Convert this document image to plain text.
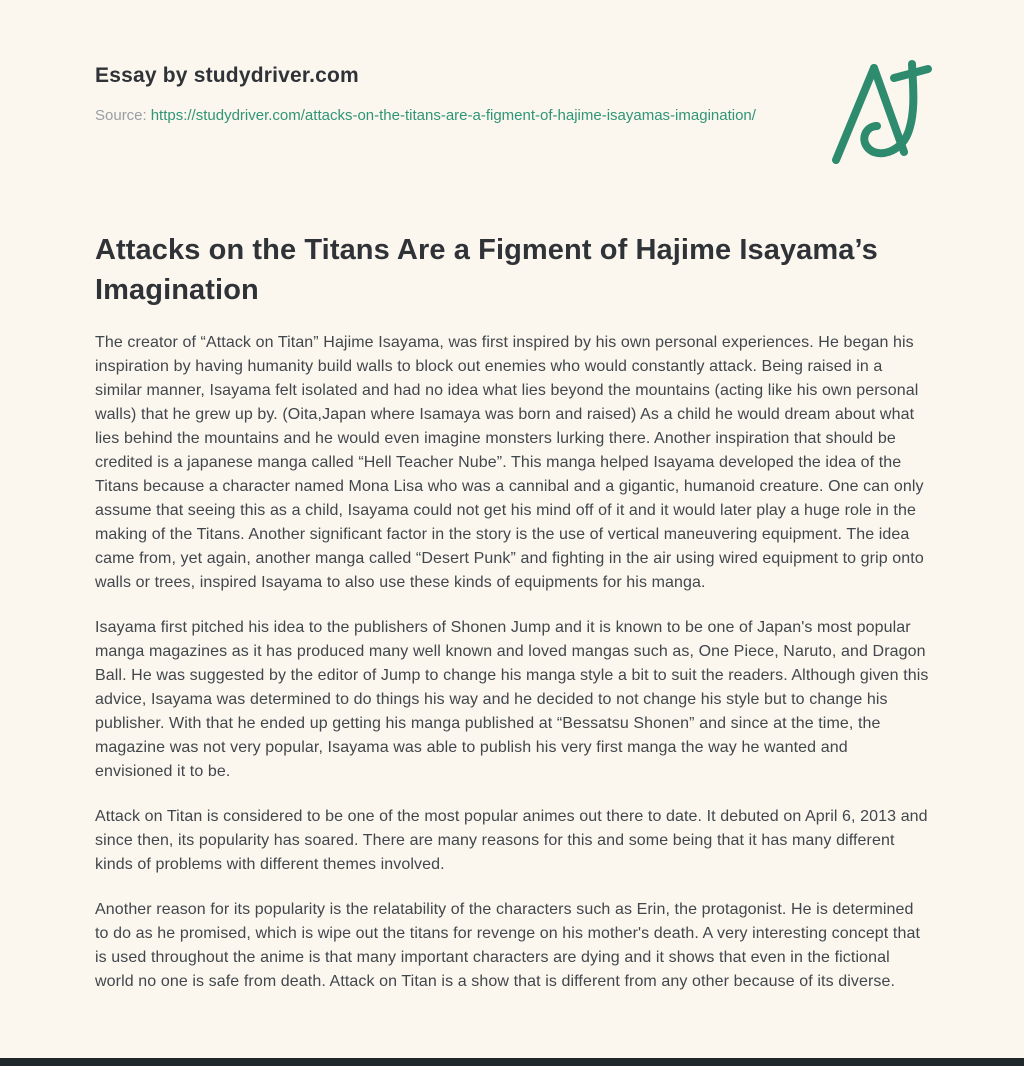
Essay by studydriver.com
Source: https://studydriver.com/attacks-on-the-titans-are-a-figment-of-hajime-isayamas-imagination/
Attacks on the Titans Are a Figment of Hajime Isayama’s Imagination

The creator of “Attack on Titan” Hajime Isayama, was first inspired by his own personal experiences. He began his inspiration by having humanity build walls to block out enemies who would constantly attack. Being raised in a similar manner, Isayama felt isolated and had no idea what lies beyond the mountains (acting like his own personal walls) that he grew up by. (Oita,Japan where Isamaya was born and raised) As a child he would dream about what lies behind the mountains and he would even imagine monsters lurking there. Another inspiration that should be credited is a japanese manga called “Hell Teacher Nube”. This manga helped Isayama developed the idea of the Titans because a character named Mona Lisa who was a cannibal and a gigantic, humanoid creature. One can only assume that seeing this as a child, Isayama could not get his mind off of it and it would later play a huge role in the making of the Titans. Another significant factor in the story is the use of vertical maneuvering equipment. The idea came from, yet again, another manga called “Desert Punk” and fighting in the air using wired equipment to grip onto walls or trees, inspired Isayama to also use these kinds of equipments for his manga.

Isayama first pitched his idea to the publishers of Shonen Jump and it is known to be one of Japan's most popular manga magazines as it has produced many well known and loved mangas such as, One Piece, Naruto, and Dragon Ball. He was suggested by the editor of Jump to change his manga style a bit to suit the readers. Although given this advice, Isayama was determined to do things his way and he decided to not change his style but to change his publisher. With that he ended up getting his manga published at “Bessatsu Shonen” and since at the time, the magazine was not very popular, Isayama was able to publish his very first manga the way he wanted and envisioned it to be.

Attack on Titan is considered to be one of the most popular animes out there to date. It debuted on April 6, 2013 and since then, its popularity has soared. There are many reasons for this and some being that it has many different kinds of problems with different themes involved.

Another reason for its popularity is the relatability of the characters such as Erin, the protagonist. He is determined to do as he promised, which is wipe out the titans for revenge on his mother's death. A very interesting concept that is used throughout the anime is that many important characters are dying and it shows that even in the fictional world no one is safe from death. Attack on Titan is a show that is different from any other because of its diverse.
